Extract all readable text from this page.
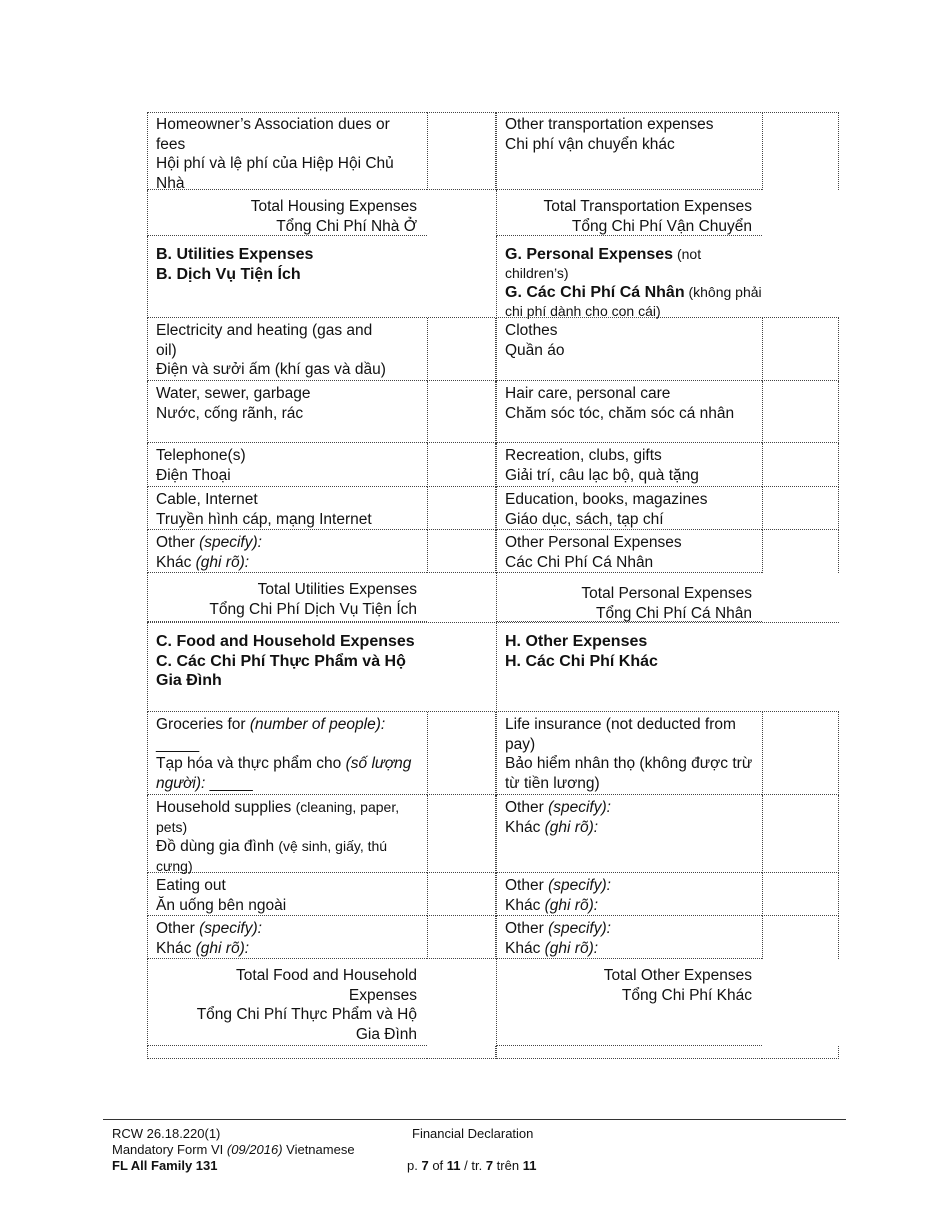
Homeowner’s Association dues or fees
Hội phí và lệ phí của Hiệp Hội Chủ Nhà
Total Housing Expenses
Tổng Chi Phí Nhà Ở
B. Utilities Expenses
B. Dịch Vụ Tiện Ích
Electricity and heating (gas and oil)
Điện và sưởi ấm (khí gas và dầu)
Water, sewer, garbage
Nước, cống rãnh, rác
Telephone(s)
Điện Thoại
Cable, Internet
Truyền hình cáp, mạng Internet
Other (specify):
Khác (ghi rõ):
Total Utilities Expenses
Tổng Chi Phí Dịch Vụ Tiện Ích
C. Food and Household Expenses
C. Các Chi Phí Thực Phẩm và Hộ Gia Đình
Groceries for (number of people):
_____
Tạp hóa và thực phẩm cho (số lượng người): _____
Household supplies (cleaning, paper, pets)
Đồ dùng gia đình (vệ sinh, giấy, thú cưng)
Eating out
Ăn uống bên ngoài
Other (specify):
Khác (ghi rõ):
Total Food and Household
Expenses
Tổng Chi Phí Thực Phẩm và Hộ
Gia Đình
Other transportation expenses
Chi phí vận chuyển khác
Total Transportation Expenses
Tổng Chi Phí Vận Chuyển
G. Personal Expenses (not children’s)
G. Các Chi Phí Cá Nhân (không phải chi phí dành cho con cái)
Clothes
Quần áo
Hair care, personal care
Chăm sóc tóc, chăm sóc cá nhân
Recreation, clubs, gifts
Giải trí, câu lạc bộ, quà tặng
Education, books, magazines
Giáo dục, sách, tạp chí
Other Personal Expenses
Các Chi Phí Cá Nhân
Total Personal Expenses
Tổng Chi Phí Cá Nhân
H. Other Expenses
H. Các Chi Phí Khác
Life insurance (not deducted from pay)
Bảo hiểm nhân thọ (không được trừ từ tiền lương)
Other (specify):
Khác (ghi rõ):
Other (specify):
Khác (ghi rõ):
Other (specify):
Khác (ghi rõ):
Total Other Expenses
Tổng Chi Phí Khác
RCW 26.18.220(1)
Mandatory Form VI (09/2016) Vietnamese
FL All Family 131
Financial Declaration
p. 7 of 11 / tr. 7 trên 11
